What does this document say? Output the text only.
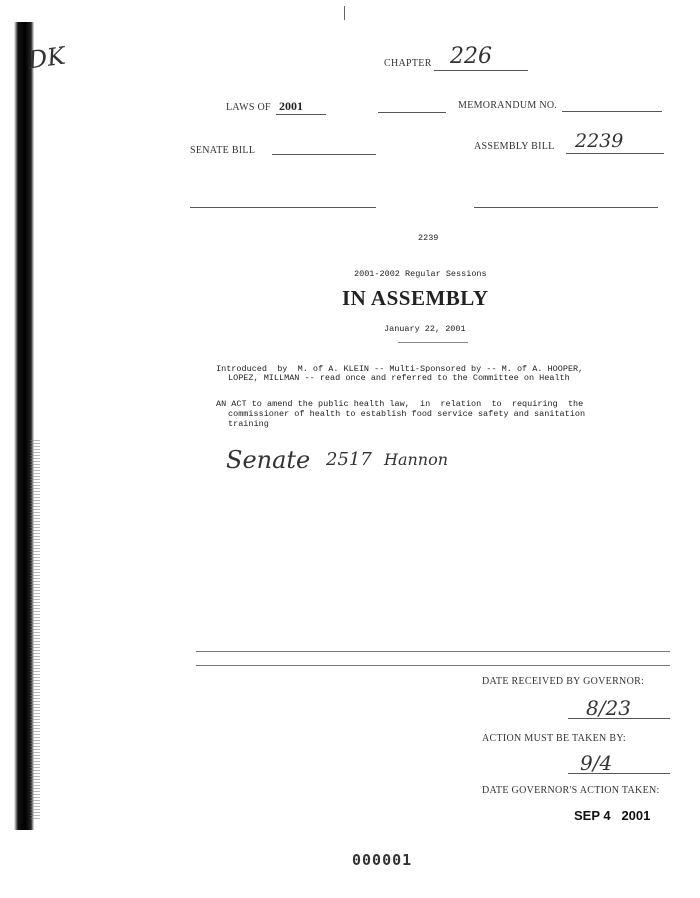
DK	CHAPTER 226
LAWS OF 2001	MEMORANDUM NO.
SENATE BILL	ASSEMBLY BILL 2239
2239
2001-2002 Regular Sessions
IN ASSEMBLY
January 22, 2001
Introduced  by  M. of A. KLEIN -- Multi-Sponsored by -- M. of A. HOOPER,
LOPEZ, MILLMAN -- read once and referred to the Committee on Health
AN ACT to amend the public health law,  in  relation  to  requiring  the
commissioner of health to establish food service safety and sanitation
training
Senate 2517 Hannon
DATE RECEIVED BY GOVERNOR:
8/23
ACTION MUST BE TAKEN BY:
9/4
DATE GOVERNOR'S ACTION TAKEN:
SEP 4   2001
000001
